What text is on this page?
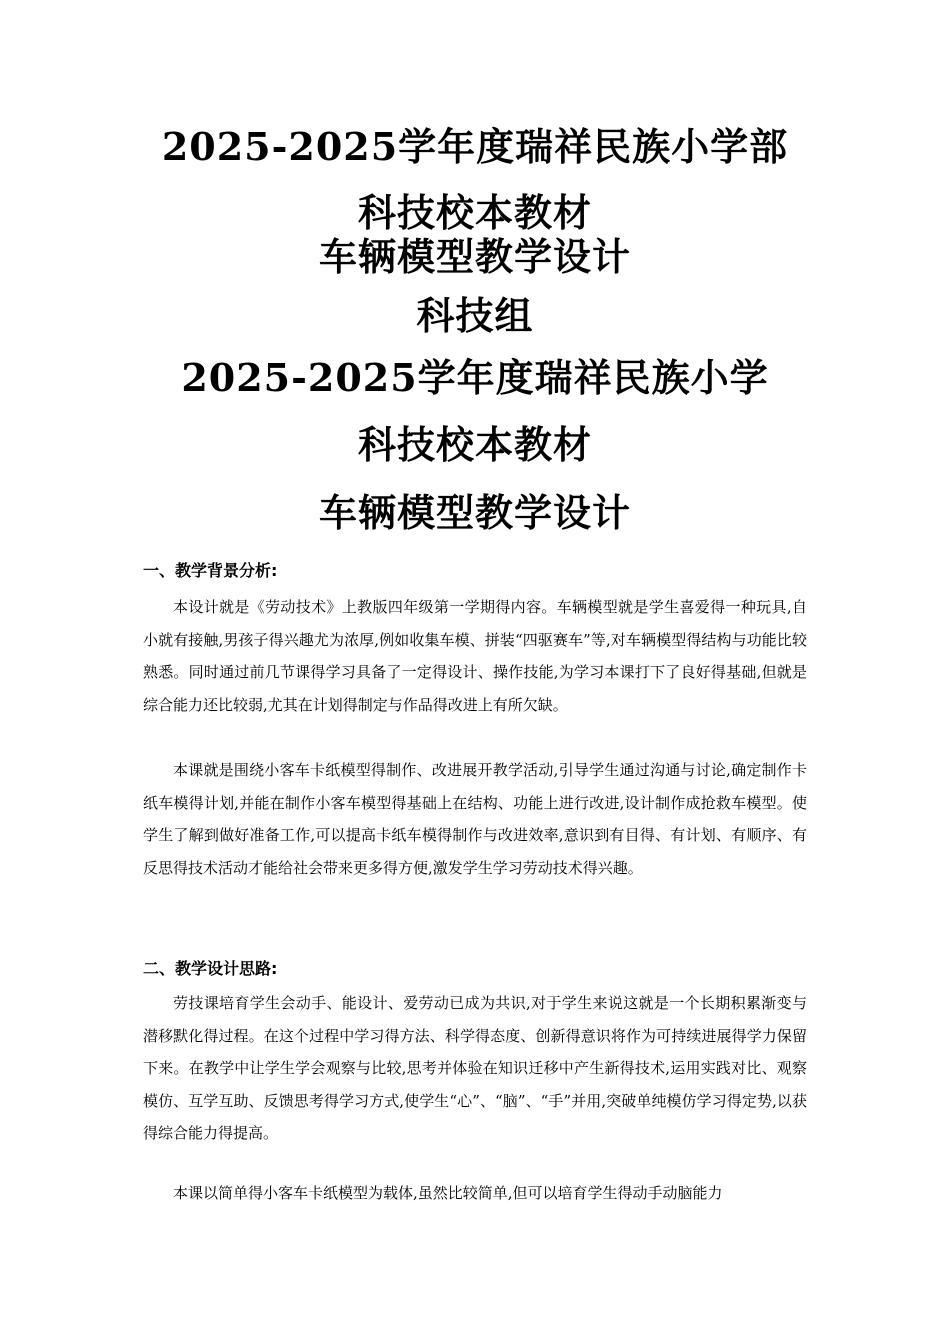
2025-2025学年度瑞祥民族小学部
科技校本教材
车辆模型教学设计
科技组
2025-2025学年度瑞祥民族小学
科技校本教材
车辆模型教学设计
一、教学背景分析:

本设计就是《劳动技术》上教版四年级第一学期得内容。车辆模型就是学生喜爱得一种玩具,自小就有接触,男孩子得兴趣尤为浓厚,例如收集车模、拼装“四驱赛车”等,对车辆模型得结构与功能比较熟悉。同时通过前几节课得学习具备了一定得设计、操作技能,为学习本课打下了良好得基础,但就是综合能力还比较弱,尤其在计划得制定与作品得改进上有所欠缺。

本课就是围绕小客车卡纸模型得制作、改进展开教学活动,引导学生通过沟通与讨论,确定制作卡纸车模得计划,并能在制作小客车模型得基础上在结构、功能上进行改进,设计制作成抢救车模型。使学生了解到做好准备工作,可以提高卡纸车模得制作与改进效率,意识到有目得、有计划、有顺序、有反思得技术活动才能给社会带来更多得方便,激发学生学习劳动技术得兴趣。

二、教学设计思路:

劳技课培育学生会动手、能设计、爱劳动已成为共识,对于学生来说这就是一个长期积累渐变与潜移默化得过程。在这个过程中学习得方法、科学得态度、创新得意识将作为可持续进展得学力保留下来。在教学中让学生学会观察与比较,思考并体验在知识迁移中产生新得技术,运用实践对比、观察模仿、互学互助、反馈思考得学习方式,使学生“心”、“脑”、“手”并用,突破单纯模仿学习得定势,以获得综合能力得提高。

本课以简单得小客车卡纸模型为载体,虽然比较简单,但可以培育学生得动手动脑能力
